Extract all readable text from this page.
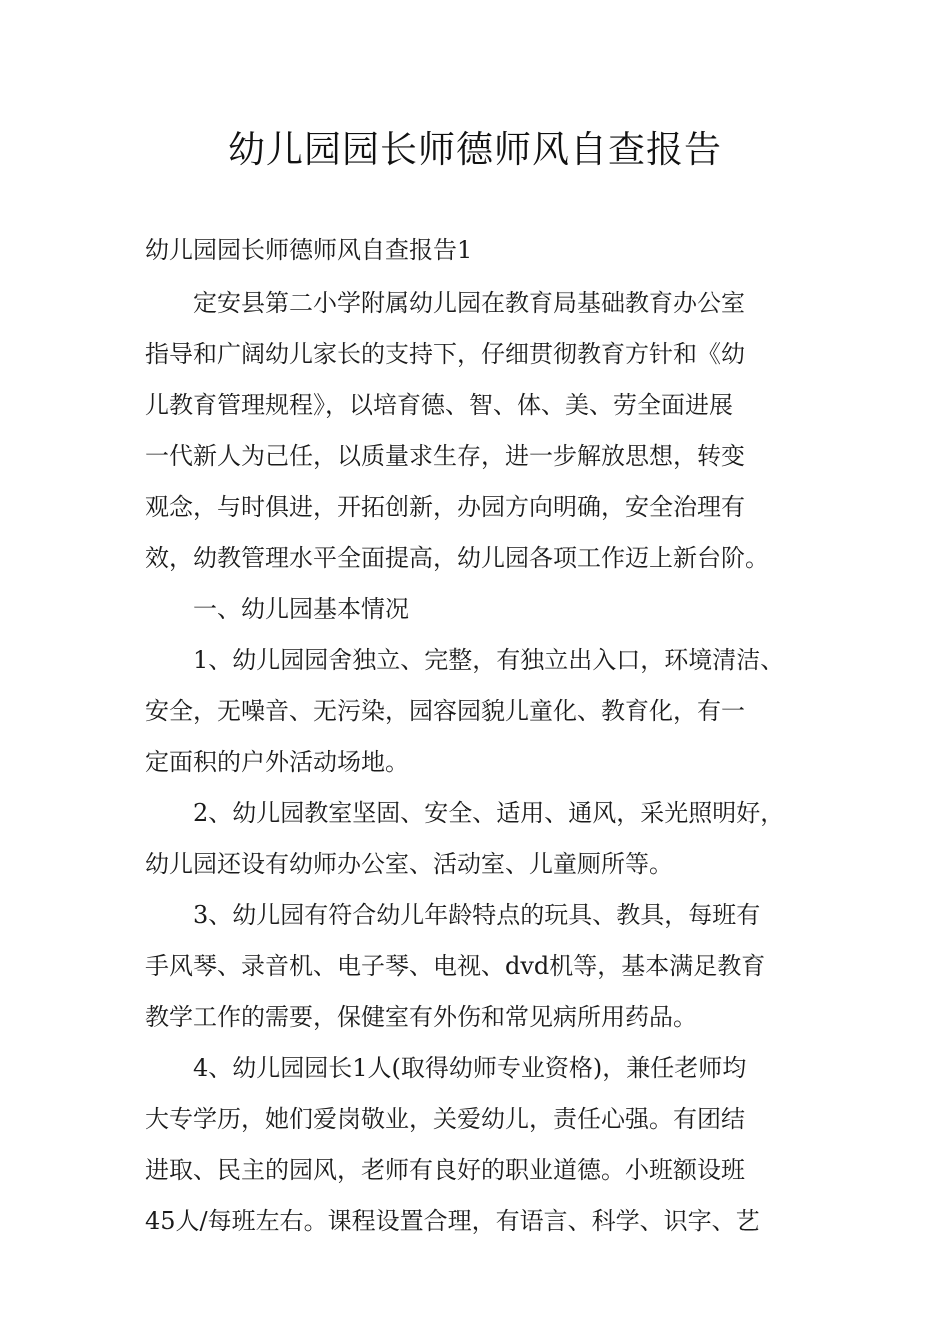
幼儿园园长师德师风自查报告
幼儿园园长师德师风自查报告1
定安县第二小学附属幼儿园在教育局基础教育办公室
指导和广阔幼儿家长的支持下，仔细贯彻教育方针和《幼
儿教育管理规程》，以培育德、智、体、美、劳全面进展
一代新人为己任，以质量求生存，进一步解放思想，转变
观念，与时俱进，开拓创新，办园方向明确，安全治理有
效，幼教管理水平全面提高，幼儿园各项工作迈上新台阶。
一、幼儿园基本情况
1、幼儿园园舍独立、完整，有独立出入口，环境清洁、
安全，无噪音、无污染，园容园貌儿童化、教育化，有一
定面积的户外活动场地。
2、幼儿园教室坚固、安全、适用、通风，采光照明好，
幼儿园还设有幼师办公室、活动室、儿童厕所等。
3、幼儿园有符合幼儿年龄特点的玩具、教具，每班有
手风琴、录音机、电子琴、电视、dvd机等，基本满足教育
教学工作的需要，保健室有外伤和常见病所用药品。
4、幼儿园园长1人(取得幼师专业资格)，兼任老师均
大专学历，她们爱岗敬业，关爱幼儿，责任心强。有团结
进取、民主的园风，老师有良好的职业道德。小班额设班
45人/每班左右。课程设置合理，有语言、科学、识字、艺
